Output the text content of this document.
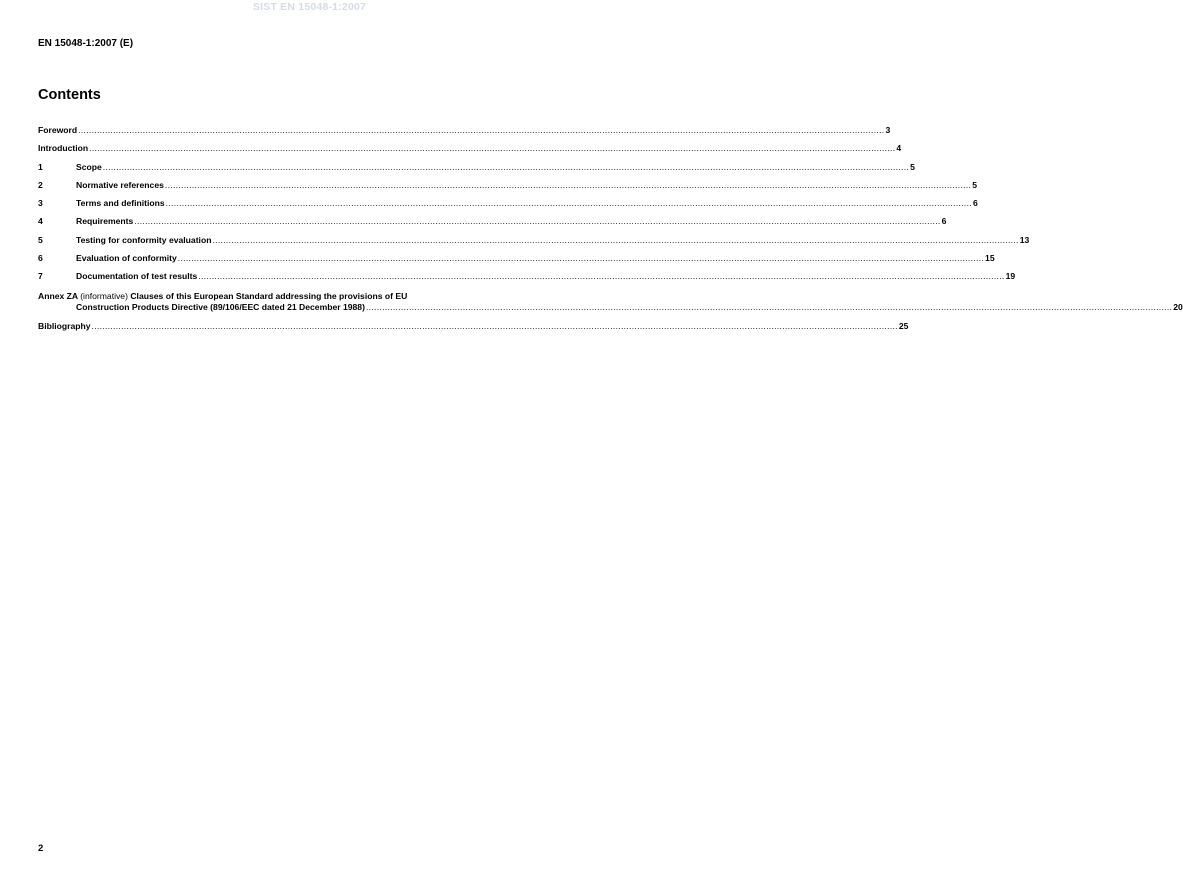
SIST EN 15048-1:2007
EN 15048-1:2007 (E)
Contents
Foreword ............................................................................................................................................................................................................................................................................................................ 3
Introduction ............................................................................................................................................................................................................................................................................................................ 4
1	Scope ............................................................................................................................................................................................................................................................................................................ 5
2	Normative references ............................................................................................................................................................................................................................................................................................................ 5
3	Terms and definitions ............................................................................................................................................................................................................................................................................................................ 6
4	Requirements ............................................................................................................................................................................................................................................................................................................ 6
5	Testing for conformity evaluation ............................................................................................................................................................................................................................................................................................................ 13
6	Evaluation of conformity ............................................................................................................................................................................................................................................................................................................ 15
7	Documentation of test results ............................................................................................................................................................................................................................................................................................................ 19
Annex ZA (informative) Clauses of this European Standard addressing the provisions of EU
Construction Products Directive (89/106/EEC dated 21 December 1988) ............................................................................................................................................................................................................................................................................................................ 20
Bibliography ............................................................................................................................................................................................................................................................................................................ 25
2
